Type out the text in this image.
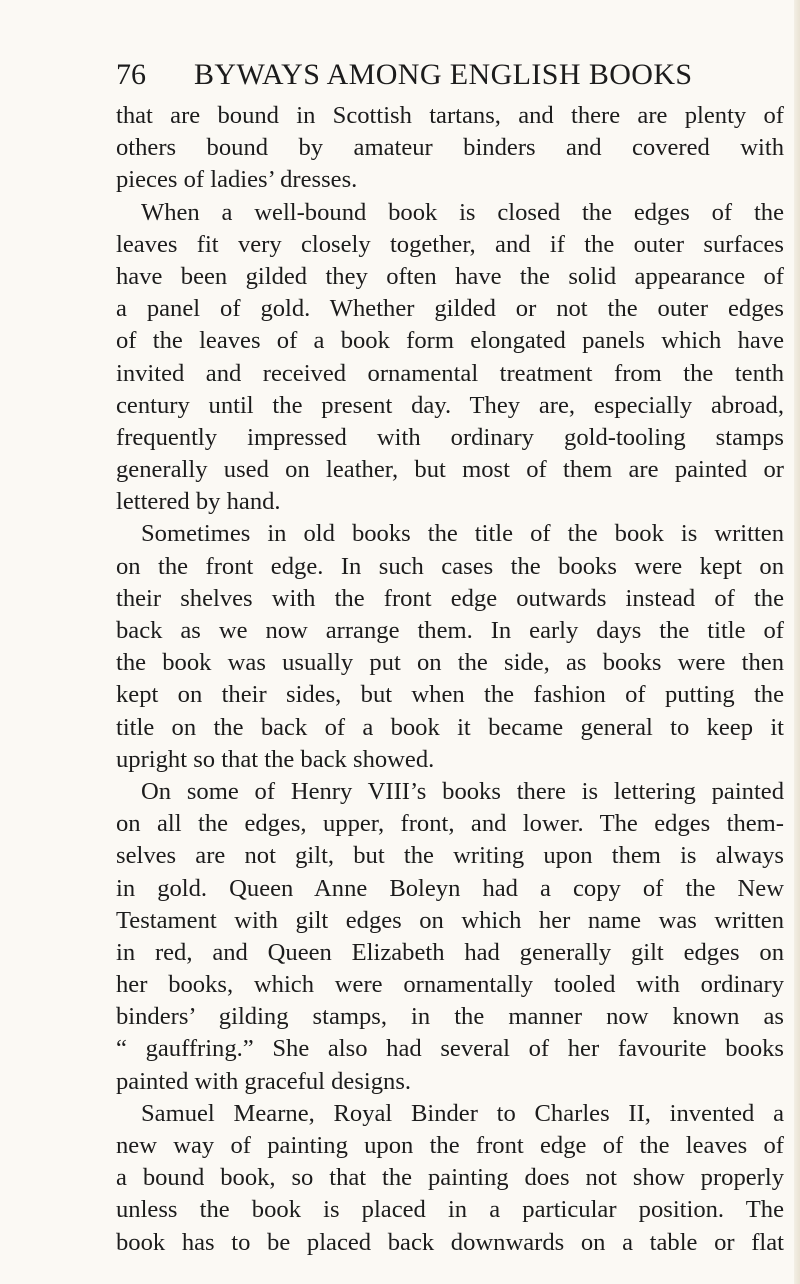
76 BYWAYS AMONG ENGLISH BOOKS
that are bound in Scottish tartans, and there are plenty of
others bound by amateur binders and covered with
pieces of ladies’ dresses.
When a well-bound book is closed the edges of the
leaves fit very closely together, and if the outer surfaces
have been gilded they often have the solid appearance of
a panel of gold. Whether gilded or not the outer edges
of the leaves of a book form elongated panels which have
invited and received ornamental treatment from the tenth
century until the present day. They are, especially abroad,
frequently impressed with ordinary gold-tooling stamps
generally used on leather, but most of them are painted or
lettered by hand.
Sometimes in old books the title of the book is written
on the front edge. In such cases the books were kept on
their shelves with the front edge outwards instead of the
back as we now arrange them. In early days the title of
the book was usually put on the side, as books were then
kept on their sides, but when the fashion of putting the
title on the back of a book it became general to keep it
upright so that the back showed.
On some of Henry VIII’s books there is lettering painted
on all the edges, upper, front, and lower. The edges them-
selves are not gilt, but the writing upon them is always
in gold. Queen Anne Boleyn had a copy of the New
Testament with gilt edges on which her name was written
in red, and Queen Elizabeth had generally gilt edges on
her books, which were ornamentally tooled with ordinary
binders’ gilding stamps, in the manner now known as
“ gauffring.” She also had several of her favourite books
painted with graceful designs.
Samuel Mearne, Royal Binder to Charles II, invented a
new way of painting upon the front edge of the leaves of
a bound book, so that the painting does not show properly
unless the book is placed in a particular position. The
book has to be placed back downwards on a table or flat
